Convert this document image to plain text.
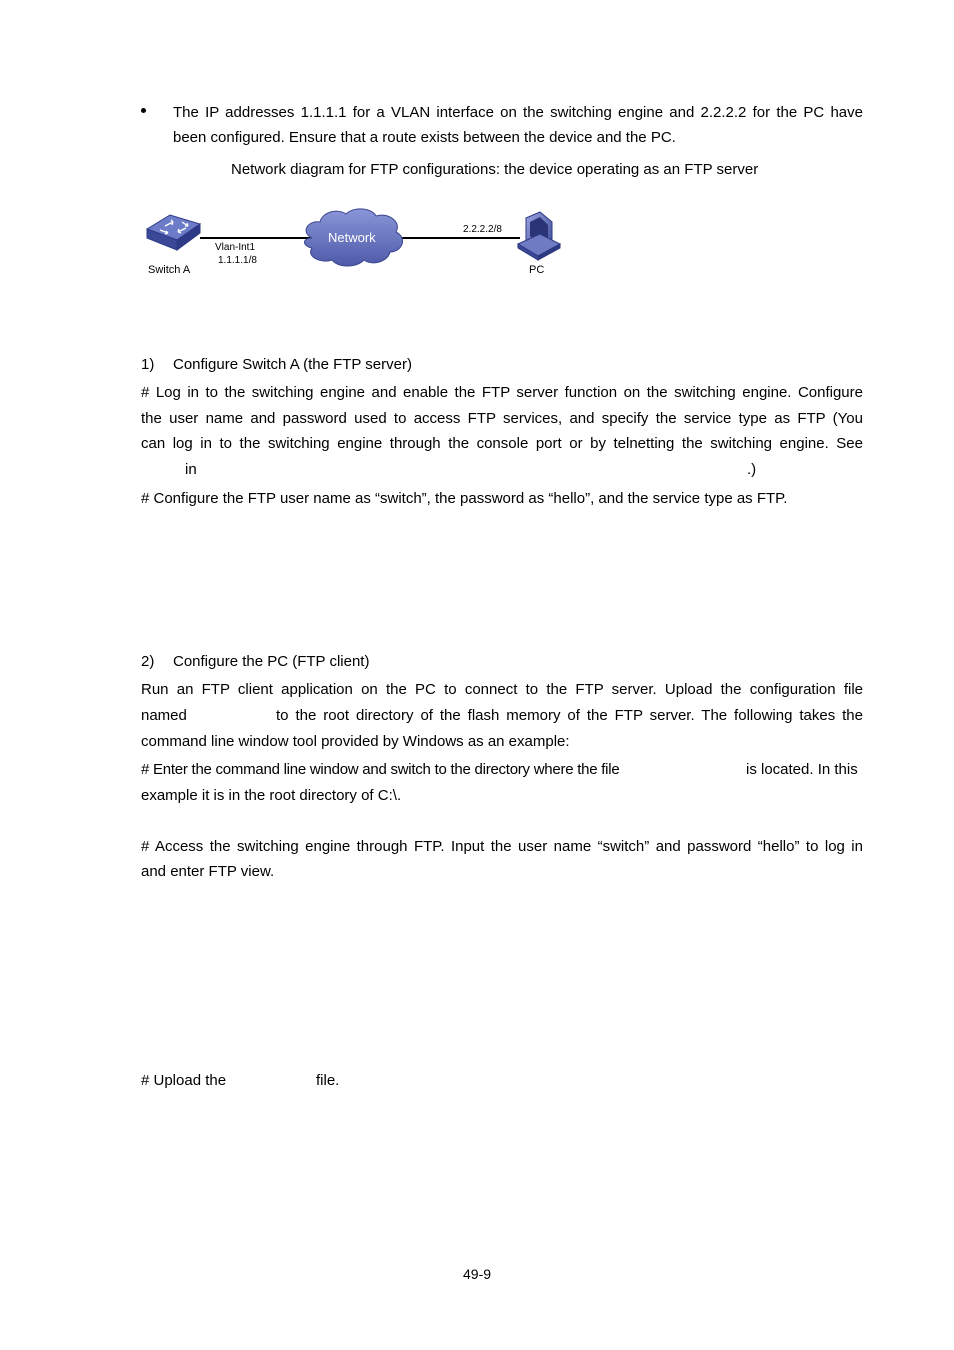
The IP addresses 1.1.1.1 for a VLAN interface on the switching engine and 2.2.2.2 for the PC have
been configured. Ensure that a route exists between the device and the PC.
Network diagram for FTP configurations: the device operating as an FTP server
Network
Switch A
Vlan-Int1
1.1.1.1/8
2.2.2.2/8
PC
1) Configure Switch A (the FTP server)
# Log in to the switching engine and enable the FTP server function on the switching engine. Configure
the user name and password used to access FTP services, and specify the service type as FTP (You
can log in to the switching engine through the console port or by telnetting the switching engine. See
in	.)
# Configure the FTP user name as “switch”, the password as “hello”, and the service type as FTP.
2) Configure the PC (FTP client)
Run an FTP client application on the PC to connect to the FTP server. Upload the configuration file
named	to the root directory of the flash memory of the FTP server. The following takes the
command line window tool provided by Windows as an example:
# Enter the command line window and switch to the directory where the file	is located. In this
example it is in the root directory of C:\.
# Access the switching engine through FTP. Input the user name “switch” and password “hello” to log in
and enter FTP view.
# Upload the	file.
49-9
